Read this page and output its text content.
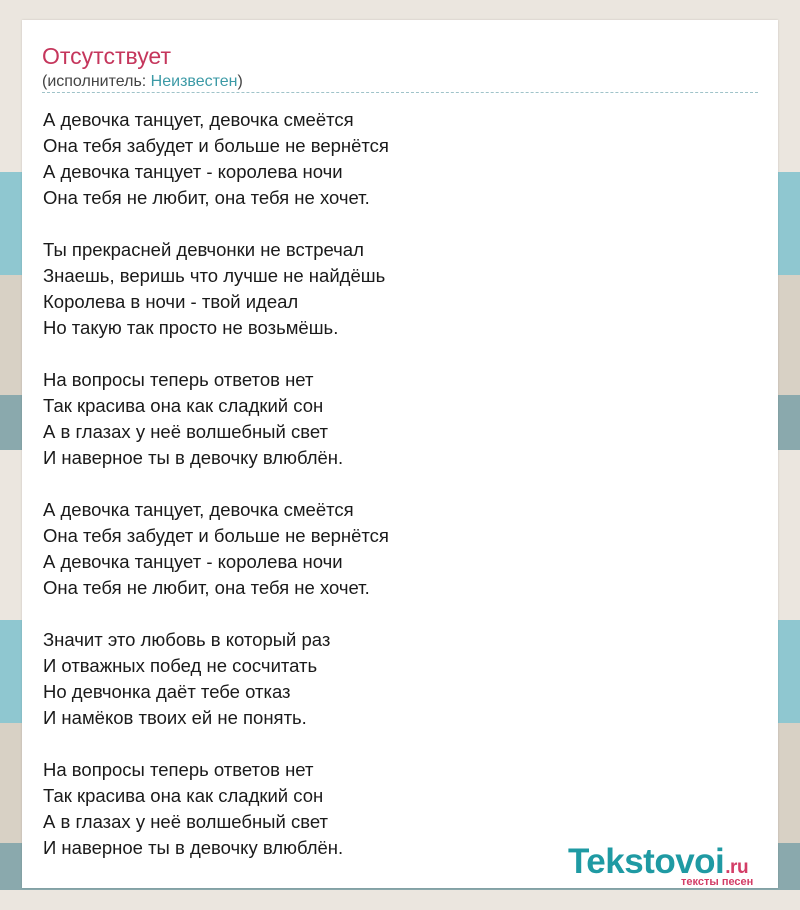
Отсутствует
(исполнитель: Неизвестен)
А девочка танцует, девочка смеётся
Она тебя забудет и больше не вернётся
А девочка танцует - королева ночи
Она тебя не любит, она тебя не хочет.
Ты прекрасней девчонки не встречал
Знаешь, веришь что лучше не найдёшь
Королева в ночи - твой идеал
Но такую так просто не возьмёшь.
На вопросы теперь ответов нет
Так красива она как сладкий сон
А в глазах у неё волшебный свет
И наверное ты в девочку влюблён.
А девочка танцует, девочка смеётся
Она тебя забудет и больше не вернётся
А девочка танцует - королева ночи
Она тебя не любит, она тебя не хочет.
Значит это любовь в который раз
И отважных побед не сосчитать
Но девчонка даёт тебе отказ
И намёков твоих ей не понять.
На вопросы теперь ответов нет
Так красива она как сладкий сон
А в глазах у неё волшебный свет
И наверное ты в девочку влюблён.	Tekstovoi.ru
тексты песен
